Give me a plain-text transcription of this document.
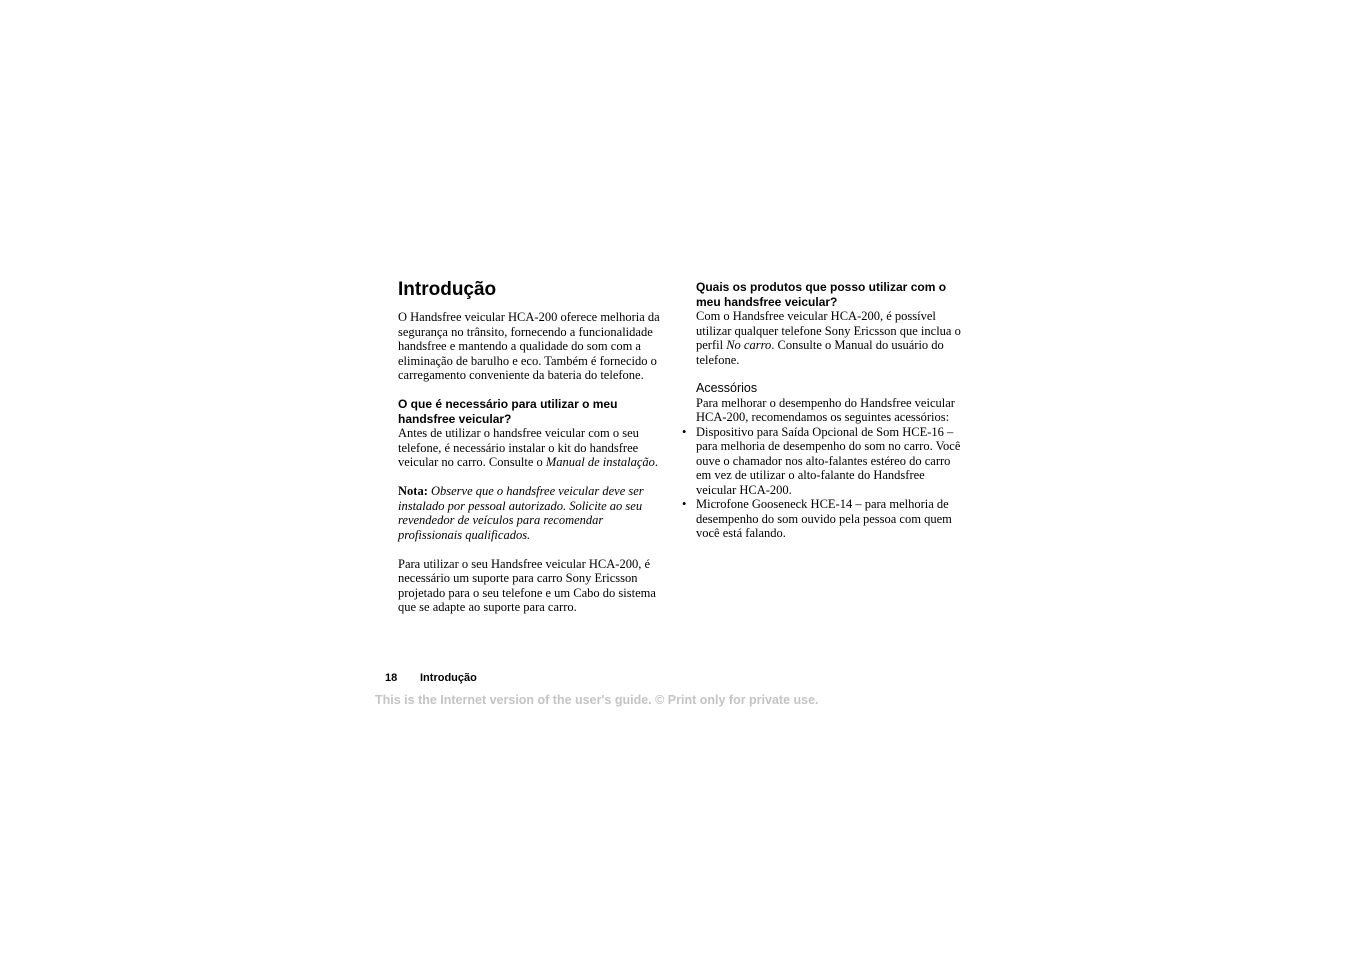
Introdução

O Handsfree veicular HCA-200 oferece melhoria da segurança no trânsito, fornecendo a funcionalidade handsfree e mantendo a qualidade do som com a eliminação de barulho e eco. Também é fornecido o carregamento conveniente da bateria do telefone.

O que é necessário para utilizar o meu handsfree veicular?

Antes de utilizar o handsfree veicular com o seu telefone, é necessário instalar o kit do handsfree veicular no carro. Consulte o Manual de instalação.

Nota: Observe que o handsfree veicular deve ser instalado por pessoal autorizado. Solicite ao seu revendedor de veículos para recomendar profissionais qualificados.

Para utilizar o seu Handsfree veicular HCA-200, é necessário um suporte para carro Sony Ericsson projetado para o seu telefone e um Cabo do sistema que se adapte ao suporte para carro.

Quais os produtos que posso utilizar com o meu handsfree veicular?

Com o Handsfree veicular HCA-200, é possível utilizar qualquer telefone Sony Ericsson que inclua o perfil No carro. Consulte o Manual do usuário do telefone.

Acessórios

Para melhorar o desempenho do Handsfree veicular HCA-200, recomendamos os seguintes acessórios:

• Dispositivo para Saída Opcional de Som HCE-16 – para melhoria de desempenho do som no carro. Você ouve o chamador nos alto-falantes estéreo do carro em vez de utilizar o alto-falante do Handsfree veicular HCA-200.
• Microfone Gooseneck HCE-14 – para melhoria de desempenho do som ouvido pela pessoa com quem você está falando.
18 Introdução
This is the Internet version of the user's guide. © Print only for private use.
